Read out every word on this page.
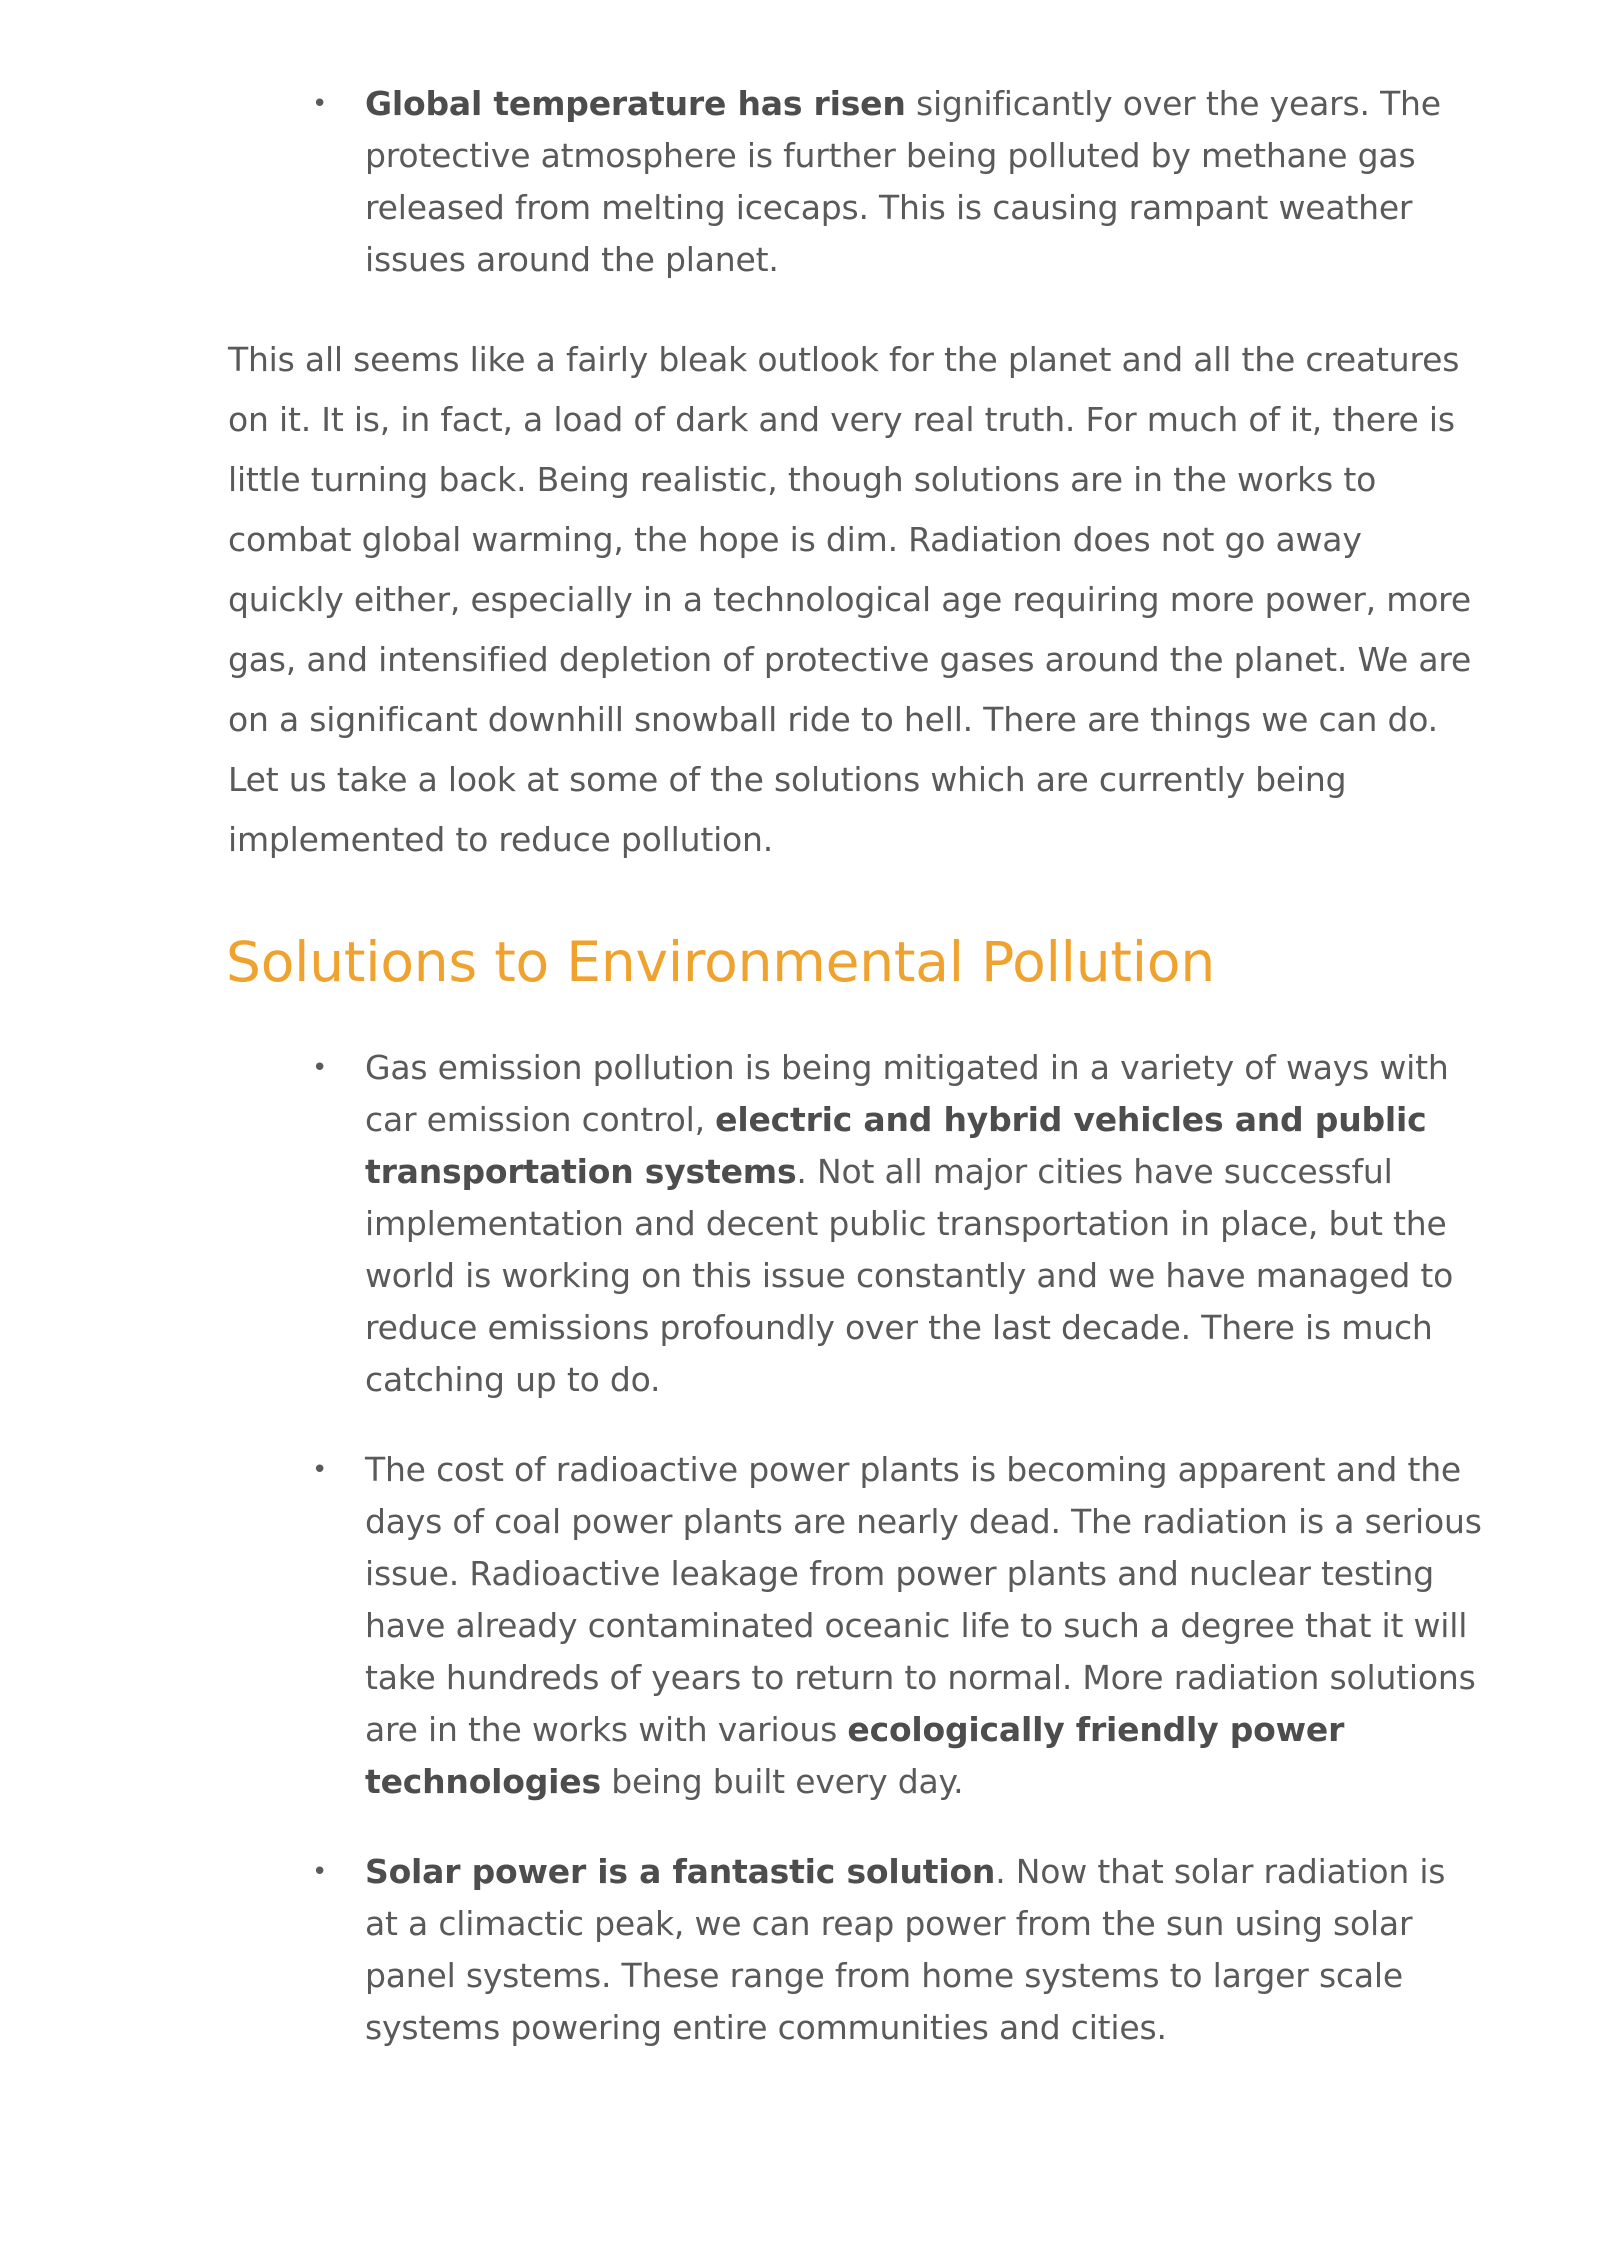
• Global temperature has risen significantly over the years. The protective atmosphere is further being polluted by methane gas released from melting icecaps. This is causing rampant weather issues around the planet.

This all seems like a fairly bleak outlook for the planet and all the creatures on it. It is, in fact, a load of dark and very real truth. For much of it, there is little turning back. Being realistic, though solutions are in the works to combat global warming, the hope is dim. Radiation does not go away quickly either, especially in a technological age requiring more power, more gas, and intensified depletion of protective gases around the planet. We are on a significant downhill snowball ride to hell. There are things we can do. Let us take a look at some of the solutions which are currently being implemented to reduce pollution.

Solutions to Environmental Pollution
• Gas emission pollution is being mitigated in a variety of ways with car emission control, electric and hybrid vehicles and public transportation systems. Not all major cities have successful implementation and decent public transportation in place, but the world is working on this issue constantly and we have managed to reduce emissions profoundly over the last decade. There is much catching up to do.
• The cost of radioactive power plants is becoming apparent and the days of coal power plants are nearly dead. The radiation is a serious issue. Radioactive leakage from power plants and nuclear testing have already contaminated oceanic life to such a degree that it will take hundreds of years to return to normal. More radiation solutions are in the works with various ecologically friendly power technologies being built every day.
• Solar power is a fantastic solution. Now that solar radiation is at a climactic peak, we can reap power from the sun using solar panel systems. These range from home systems to larger scale systems powering entire communities and cities.
